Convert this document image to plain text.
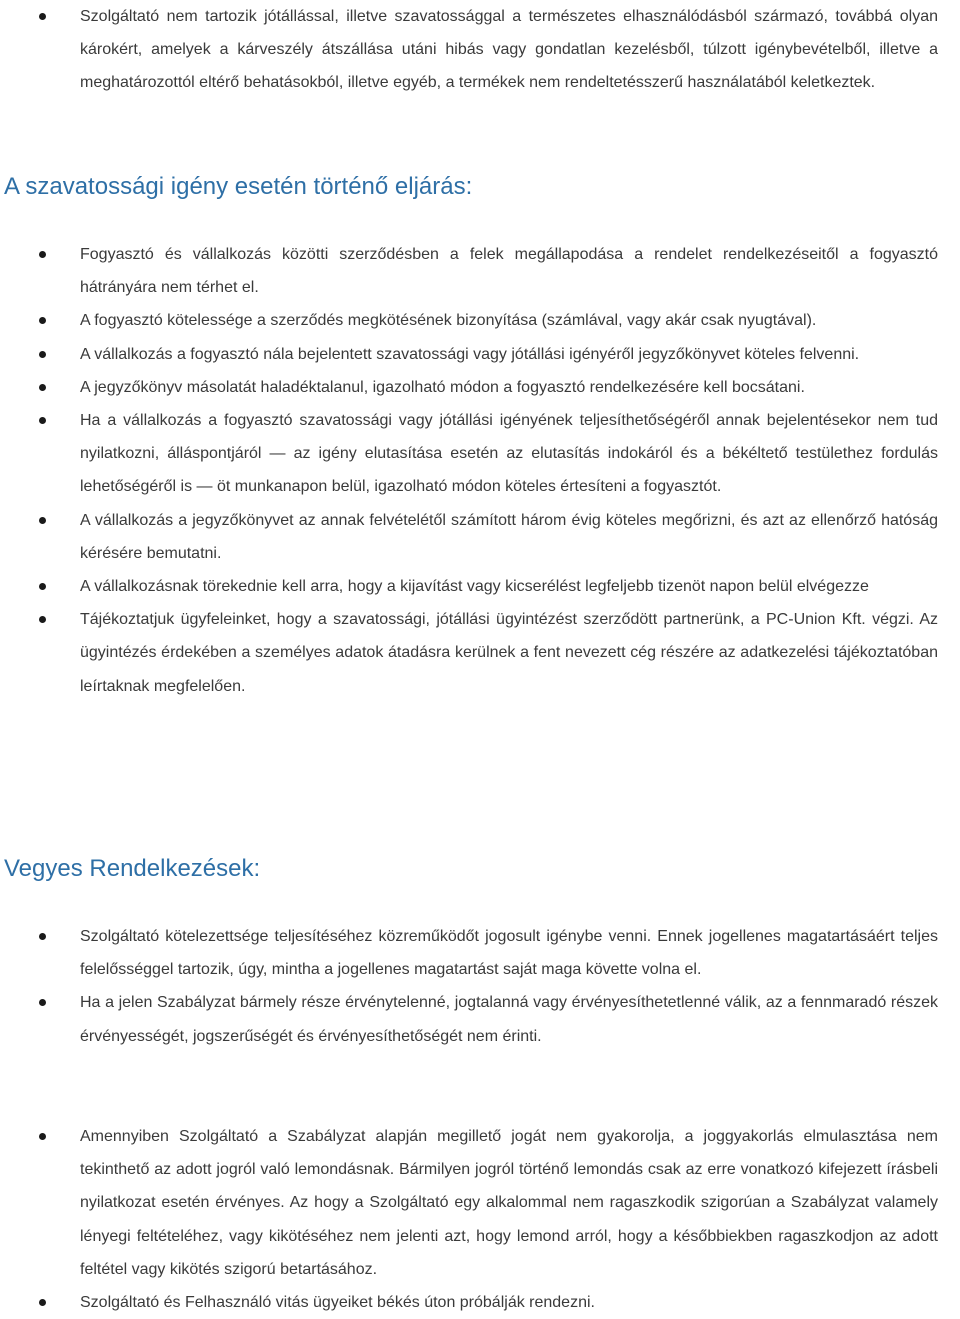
Szolgáltató nem tartozik jótállással, illetve szavatossággal a természetes elhasználódásból származó, továbbá olyan károkért, amelyek a kárveszély átszállása utáni hibás vagy gondatlan kezelésből, túlzott igénybevételből, illetve a meghatározottól eltérő behatásokból, illetve egyéb, a termékek nem rendeltetésszerű használatából keletkeztek.
A szavatossági igény esetén történő eljárás:
Fogyasztó és vállalkozás közötti szerződésben a felek megállapodása a rendelet rendelkezéseitől a fogyasztó hátrányára nem térhet el.
A fogyasztó kötelessége a szerződés megkötésének bizonyítása (számlával, vagy akár csak nyugtával).
A vállalkozás a fogyasztó nála bejelentett szavatossági vagy jótállási igényéről jegyzőkönyvet köteles felvenni.
A jegyzőkönyv másolatát haladéktalanul, igazolható módon a fogyasztó rendelkezésére kell bocsátani.
Ha a vállalkozás a fogyasztó szavatossági vagy jótállási igényének teljesíthetőségéről annak bejelentésekor nem tud nyilatkozni, álláspontjáról — az igény elutasítása esetén az elutasítás indokáról és a békéltető testülethez fordulás lehetőségéről is — öt munkanapon belül, igazolható módon köteles értesíteni a fogyasztót.
A vállalkozás a jegyzőkönyvet az annak felvételétől számított három évig köteles megőrizni, és azt az ellenőrző hatóság kérésére bemutatni.
A vállalkozásnak törekednie kell arra, hogy a kijavítást vagy kicserélést legfeljebb tizenöt napon belül elvégezze
Tájékoztatjuk ügyfeleinket, hogy a szavatossági, jótállási ügyintézést szerződött partnerünk, a PC-Union Kft. végzi. Az ügyintézés érdekében a személyes adatok átadásra kerülnek a fent nevezett cég részére az adatkezelési tájékoztatóban leírtaknak megfelelően.
Vegyes Rendelkezések:
Szolgáltató kötelezettsége teljesítéséhez közreműködőt jogosult igénybe venni. Ennek jogellenes magatartásáért teljes felelősséggel tartozik, úgy, mintha a jogellenes magatartást saját maga követte volna el.
Ha a jelen Szabályzat bármely része érvénytelenné, jogtalanná vagy érvényesíthetetlenné válik, az a fennmaradó részek érvényességét, jogszerűségét és érvényesíthetőségét nem érinti.
Amennyiben Szolgáltató a Szabályzat alapján megillető jogát nem gyakorolja, a joggyakorlás elmulasztása nem tekinthető az adott jogról való lemondásnak. Bármilyen jogról történő lemondás csak az erre vonatkozó kifejezett írásbeli nyilatkozat esetén érvényes. Az hogy a Szolgáltató egy alkalommal nem ragaszkodik szigorúan a Szabályzat valamely lényegi feltételéhez, vagy kikötéséhez nem jelenti azt, hogy lemond arról, hogy a későbbiekben ragaszkodjon az adott feltétel vagy kikötés szigorú betartásához.
Szolgáltató és Felhasználó vitás ügyeiket békés úton próbálják rendezni.
